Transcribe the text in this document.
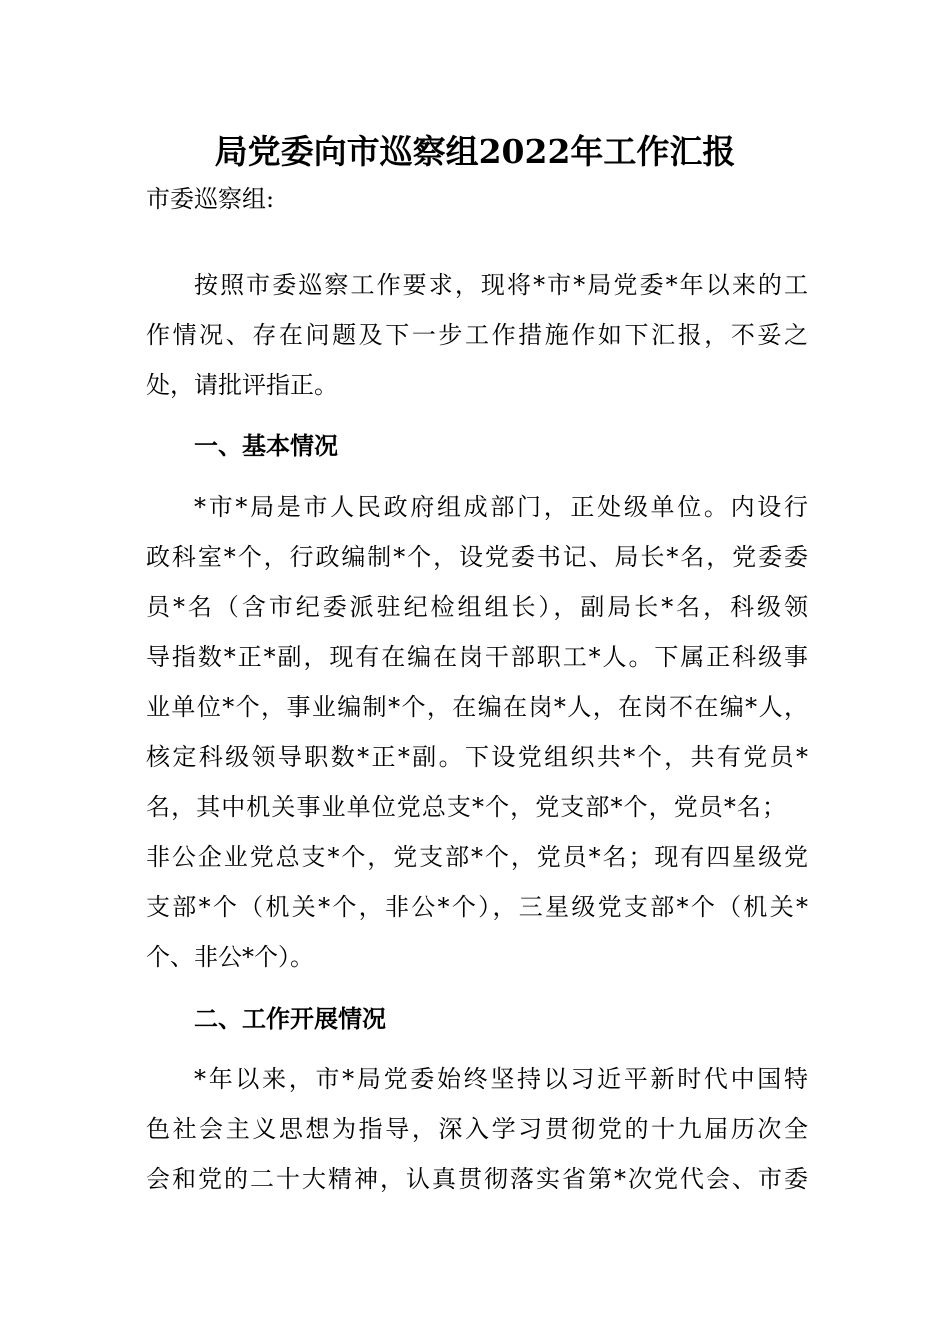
局党委向市巡察组2022年工作汇报
市委巡察组:
按照市委巡察工作要求，现将*市*局党委*年以来的工
作情况、存在问题及下一步工作措施作如下汇报，不妥之
处，请批评指正。
一、基本情况
*市*局是市人民政府组成部门，正处级单位。内设行
政科室*个，行政编制*个，设党委书记、局长*名，党委委
员*名（含市纪委派驻纪检组组长），副局长*名，科级领
导指数*正*副，现有在编在岗干部职工*人。下属正科级事
业单位*个，事业编制*个，在编在岗*人，在岗不在编*人，
核定科级领导职数*正*副。下设党组织共*个，共有党员*
名，其中机关事业单位党总支*个，党支部*个，党员*名；
非公企业党总支*个，党支部*个，党员*名；现有四星级党
支部*个（机关*个，非公*个），三星级党支部*个（机关*
个、非公*个）。
二、工作开展情况
*年以来，市*局党委始终坚持以习近平新时代中国特
色社会主义思想为指导，深入学习贯彻党的十九届历次全
会和党的二十大精神，认真贯彻落实省第*次党代会、市委
